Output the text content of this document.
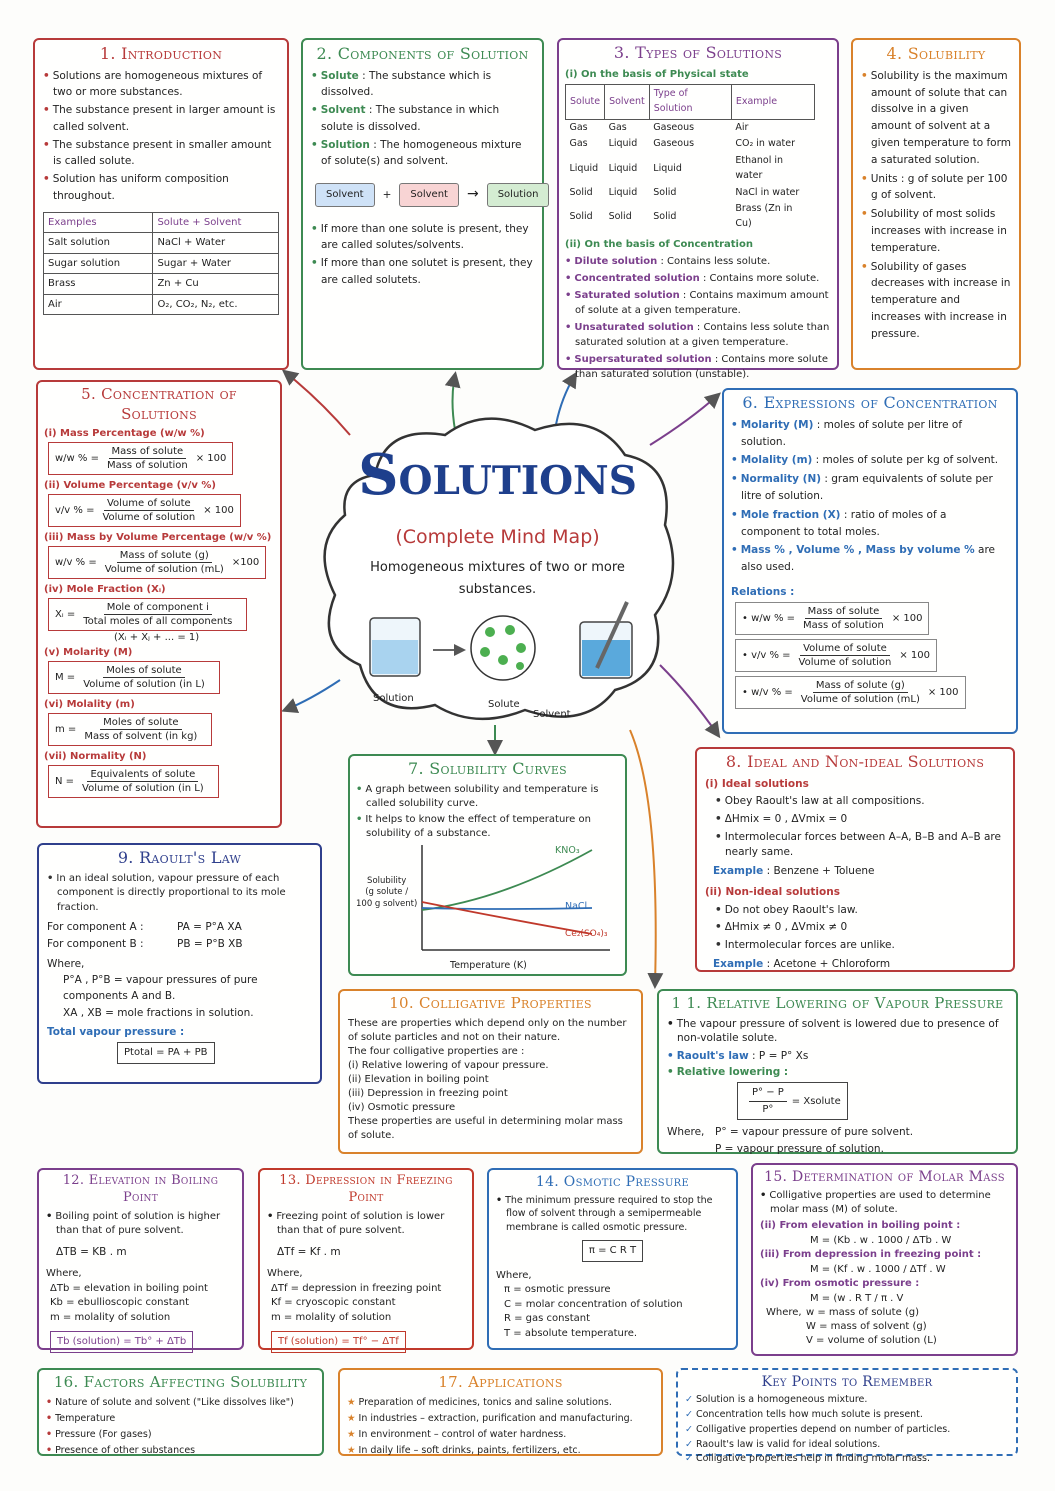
1. Introduction
• Solutions are homogeneous mixtures of two or more substances.
• The substance present in larger amount is called solvent.
• The substance present in smaller amount is called solute.
• Solution has uniform composition throughout.
Examples	Solute + Solvent
Salt solution	NaCl + Water
Sugar solution	Sugar + Water
Brass	Zn + Cu
Air	O₂, CO₂, N₂, etc.
2. Components of Solution
• Solute : The substance which is dissolved.
• Solvent : The substance in which solute is dissolved.
• Solution : The homogeneous mixture of solute(s) and solvent.
Solvent	+	Solvent	→	Solution
• If more than one solute is present, they are called solutes/solvents.
• If more than one solutet is present, they are called solutets.
3. Types of Solutions
(i) On the basis of Physical state
Solute	Solvent	Type of Solution	Example
Gas	Gas	Gaseous	Air
Gas	Liquid	Gaseous	CO₂ in water
Liquid	Liquid	Liquid	Ethanol in water
Solid	Liquid	Solid	NaCl in water
Solid	Solid	Solid	Brass (Zn in Cu)
(ii) On the basis of Concentration
• Dilute solution : Contains less solute.
• Concentrated solution : Contains more solute.
• Saturated solution : Contains maximum amount of solute at a given temperature.
• Unsaturated solution : Contains less solute than saturated solution at a given temperature.
• Supersaturated solution : Contains more solute than saturated solution (unstable).
4. Solubility
• Solubility is the maximum amount of solute that can dissolve in a given amount of solvent at a given temperature to form a saturated solution.
• Units : g of solute per 100 g of solvent.
• Solubility of most solids increases with increase in temperature.
• Solubility of gases decreases with increase in temperature and increases with increase in pressure.
5. Concentration of Solutions
(i) Mass Percentage (w/w %)
w/w % = $\frac{\text{Mass of solute}}{\text{Mass of solution}} \times 100$
(ii) Volume Percentage (v/v %)
v/v % = $\frac{\text{Volume of solute}}{\text{Volume of solution}} \times 100$
(iii) Mass by Volume Percentage (w/v %)
w/v % = $\frac{\text{Mass of solute (g)}}{\text{Volume of solution (mL)}} \times 100$
(iv) Mole Fraction (Xᵢ)
Xᵢ = $\frac{\text{Mole of component i}}{\text{Total moles of all components}}$
(Xᵢ + Xⱼ + ... = 1)
(v) Molarity (M)
$M = \frac{\text{Moles of solute}}{\text{Volume of solution (in L)}}$
(vi) Molality (m)
$m = \frac{\text{Moles of solute}}{\text{Mass of solvent (in kg)}}$
(vii) Normality (N)
$N = \frac{\text{Equivalents of solute}}{\text{Volume of solution (in L)}}$
Solutions
(Complete Mind Map)
Homogeneous mixtures of two or more substances.
Solution
Solute
Solvent
6. Expressions of Concentration
• Molarity (M) : moles of solute per litre of solution.
• Molality (m) : moles of solute per kg of solvent.
• Normality (N) : gram equivalents of solute per litre of solution.
• Mole fraction (X) : ratio of moles of a component to total moles.
• Mass % , Volume % , Mass by volume % are also used.
Relations :
• w/w % = $\frac{\text{Mass of solute}}{\text{Mass of solution}} \times 100$
• v/v % = $\frac{\text{Volume of solute}}{\text{Volume of solution}} \times 100$
• w/v % = $\frac{\text{Mass of solute (g)}}{\text{Volume of solution (mL)}} \times 100$
7. Solubility Curves
• A graph between solubility and temperature is called solubility curve.
• It helps to know the effect of temperature on solubility of a substance.
Solubility
(g solute /
100 g solvent)
KNO₃
NaCl
Ce₂(SO₄)₃
Temperature (K)
8. Ideal and Non-ideal Solutions
(i) Ideal solutions
• Obey Raoult's law at all compositions.
• ΔHmix = 0 , ΔVmix = 0
• Intermolecular forces between A–A, B–B and A–B are nearly same.
Example : Benzene + Toluene
(ii) Non-ideal solutions
• Do not obey Raoult's law.
• ΔHmix ≠ 0 , ΔVmix ≠ 0
• Intermolecular forces are unlike.
Example : Acetone + Chloroform
9. Raoult's Law
• In an ideal solution, vapour pressure of each component is directly proportional to its mole fraction.
For component A :	PA = P°A XA
For component B :	PB = P°B XB
Where,
P°A , P°B = vapour pressures of pure components A and B.
XA , XB = mole fractions in solution.
Total vapour pressure :
Ptotal = PA + PB
10. Colligative Properties
These are properties which depend only on the number of solute particles and not on their nature.
The four colligative properties are :
(i) Relative lowering of vapour pressure.
(ii) Elevation in boiling point
(iii) Depression in freezing point
(iv) Osmotic pressure
These properties are useful in determining molar mass of solute.
1 1. Relative Lowering of Vapour Pressure
• The vapour pressure of solvent is lowered due to presence of non-volatile solute.
• Raoult's law : P = P° Xs
• Relative lowering :
$\frac{P^\circ - P}{P^\circ}$ = Xsolute
Where, P° = vapour pressure of pure solvent.
P = vapour pressure of solution.
12. Elevation in Boiling Point
• Boiling point of solution is higher than that of pure solvent.
ΔTB = KB . m
Where,
ΔTb = elevation in boiling point
Kb = ebullioscopic constant
m = molality of solution
Tb (solution) = Tb° + ΔTb
13. Depression in Freezing Point
• Freezing point of solution is lower than that of pure solvent.
ΔTf = Kf . m
Where,
ΔTf = depression in freezing point
Kf = cryoscopic constant
m = molality of solution
Tf (solution) = Tf° − ΔTf
14. Osmotic Pressure
• The minimum pressure required to stop the flow of solvent through a semipermeable membrane is called osmotic pressure.
π = C R T
Where,
π = osmotic pressure
C = molar concentration of solution
R = gas constant
T = absolute temperature.
15. Determination of Molar Mass
• Colligative properties are used to determine molar mass (M) of solute.
(ii) From elevation in boiling point :
M = (Kb . w . 1000 / ΔTb . W
(iii) From depression in freezing point :
M = (Kf . w . 1000 / ΔTf . W
(iv) From osmotic pressure :
M = (w . R T / π . V
Where, w = mass of solute (g)
W = mass of solvent (g)
V = volume of solution (L)
16. Factors Affecting Solubility
• Nature of solute and solvent ("Like dissolves like")
• Temperature
• Pressure (For gases)
• Presence of other substances
17. Applications
★ Preparation of medicines, tonics and saline solutions.
★ In industries – extraction, purification and manufacturing.
★ In environment – control of water hardness.
★ In daily life – soft drinks, paints, fertilizers, etc.
Key Points to Remember
✓ Solution is a homogeneous mixture.
✓ Concentration tells how much solute is present.
✓ Colligative properties depend on number of particles.
✓ Raoult's law is valid for ideal solutions.
✓ Colligative properties help in finding molar mass.
